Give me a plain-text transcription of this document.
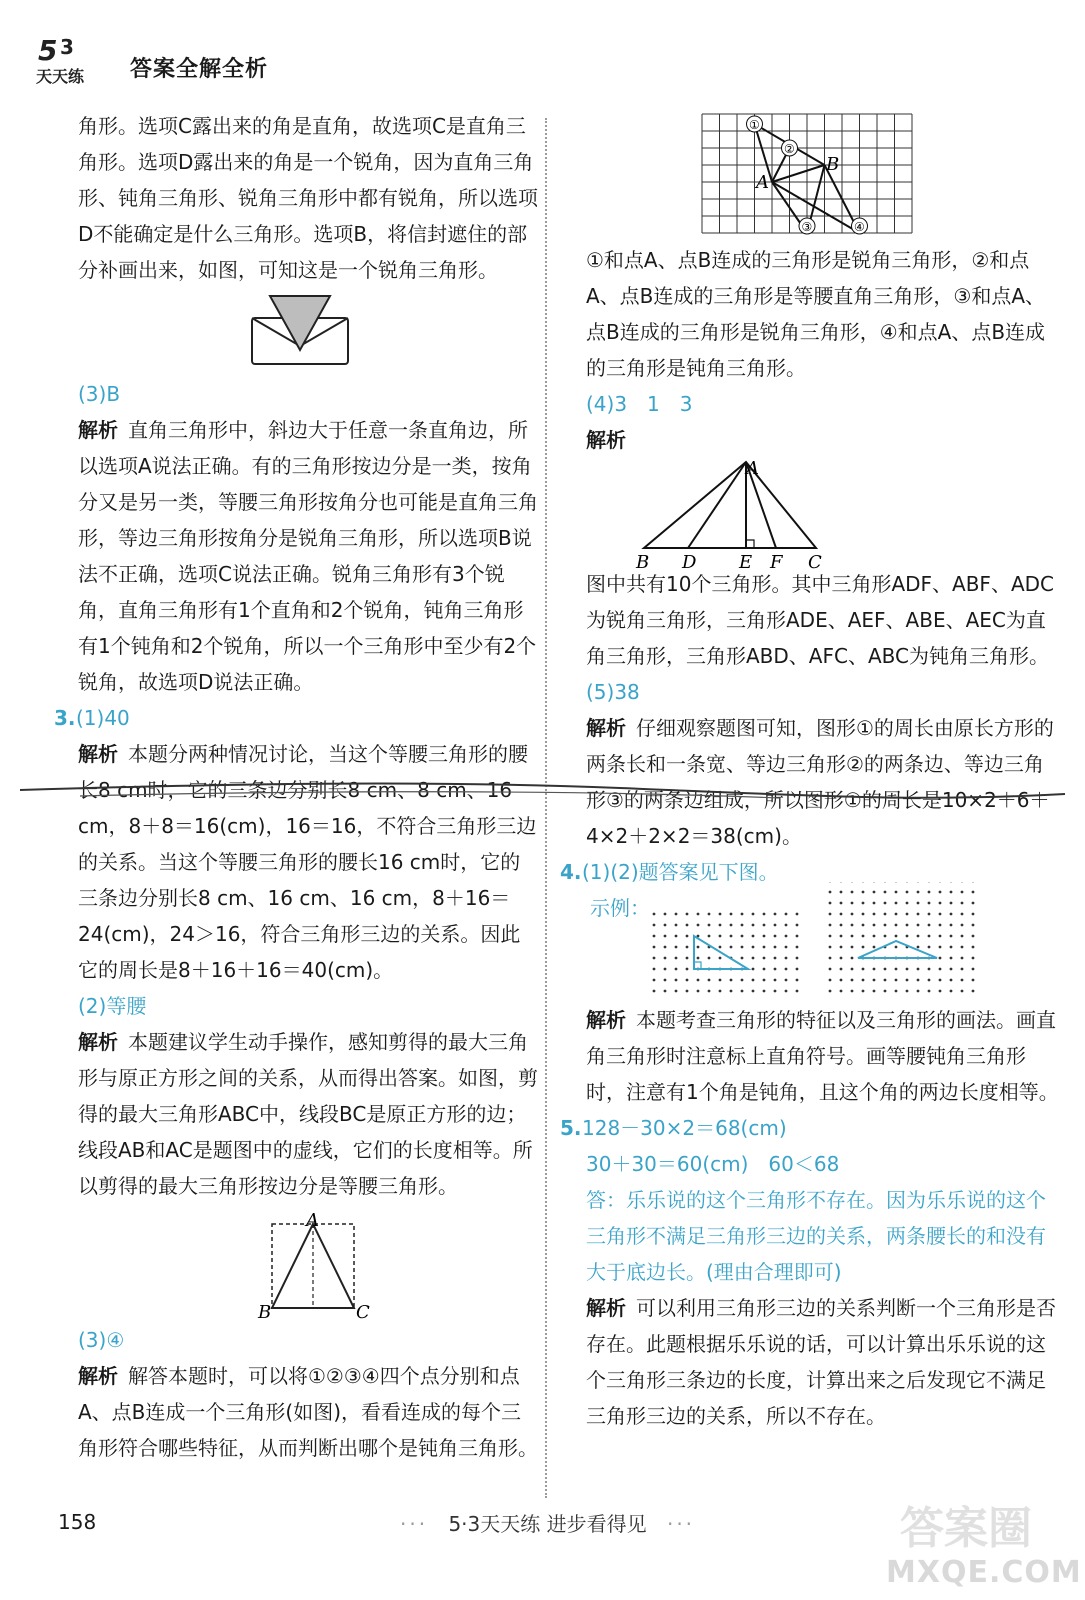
5 3
天天练 答案全解全析

角形。选项C露出来的角是直角，故选项C是直角三角形。选项D露出来的角是一个锐角，因为直角三角形、钝角三角形、锐角三角形中都有锐角，所以选项D不能确定是什么三角形。选项B，将信封遮住的部分补画出来，如图，可知这是一个锐角三角形。

(3)B

解析 直角三角形中，斜边大于任意一条直角边，所以选项A说法正确。有的三角形按边分是一类，按角分又是另一类，等腰三角形按角分也可能是直角三角形，等边三角形按角分是锐角三角形，所以选项B说法不正确，选项C说法正确。锐角三角形有3个锐角，直角三角形有1个直角和2个锐角，钝角三角形有1个钝角和2个锐角，所以一个三角形中至少有2个锐角，故选项D说法正确。

3.(1)40

解析 本题分两种情况讨论，当这个等腰三角形的腰长8 cm时，它的三条边分别长8 cm、8 cm、16 cm，8＋8＝16(cm)，16＝16，不符合三角形三边的关系。当这个等腰三角形的腰长16 cm时，它的三条边分别长8 cm、16 cm、16 cm，8＋16＝24(cm)，24＞16，符合三角形三边的关系。因此它的周长是8＋16＋16＝40(cm)。

(2)等腰

解析 本题建议学生动手操作，感知剪得的最大三角形与原正方形之间的关系，从而得出答案。如图，剪得的最大三角形ABC中，线段BC是原正方形的边；线段AB和AC是题图中的虚线，它们的长度相等。所以剪得的最大三角形按边分是等腰三角形。

A
B	C

(3)④

解析 解答本题时，可以将①②③④四个点分别和点A、点B连成一个三角形(如图)，看看连成的每个三角形符合哪些特征，从而判断出哪个是钝角三角形。

①
②
③	④
A
B

①和点A、点B连成的三角形是锐角三角形，②和点A、点B连成的三角形是等腰直角三角形，③和点A、点B连成的三角形是锐角三角形，④和点A、点B连成的三角形是钝角三角形。

(4)3　1　3

解析

A
B D E F C

图中共有10个三角形。其中三角形ADF、ABF、ADC为锐角三角形，三角形ADE、AEF、ABE、AEC为直角三角形，三角形ABD、AFC、ABC为钝角三角形。

(5)38

解析 仔细观察题图可知，图形①的周长由原长方形的两条长和一条宽、等边三角形②的两条边、等边三角形③的两条边组成，所以图形①的周长是10×2＋6＋4×2＋2×2＝38(cm)。

4.(1)(2)题答案见下图。

示例：

解析 本题考查三角形的特征以及三角形的画法。画直角三角形时注意标上直角符号。画等腰钝角三角形时，注意有1个角是钝角，且这个角的两边长度相等。

5.128－30×2＝68(cm)

30＋30＝60(cm)　60＜68

答：乐乐说的这个三角形不存在。因为乐乐说的这个三角形不满足三角形三边的关系，两条腰长的和没有大于底边长。(理由合理即可)

解析 可以利用三角形三边的关系判断一个三角形是否存在。此题根据乐乐说的话，可以计算出乐乐说的这个三角形三条边的长度，计算出来之后发现它不满足三角形三边的关系，所以不存在。

158	··· 5·3天天练 进步看得见 ···	答案圈
MXQE.COM
